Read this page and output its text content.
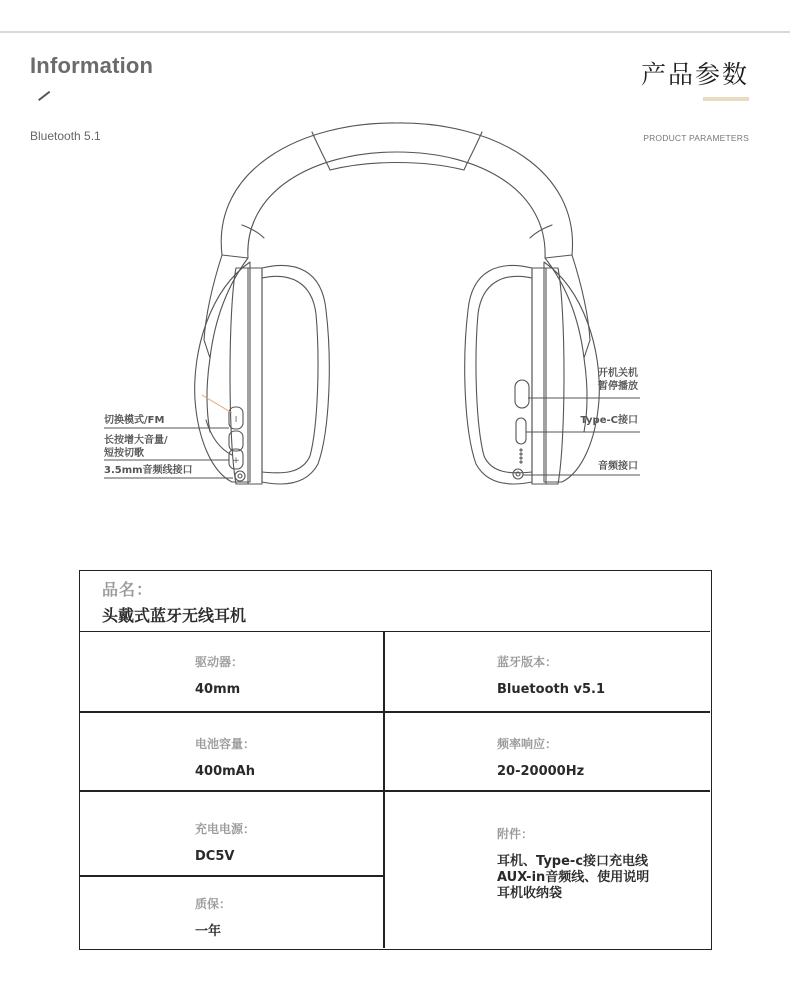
Information
Bluetooth 5.1
产品参数
PRODUCT PARAMETERS
I
+
切换模式/FM
长按增大音量/
短按切歌
3.5mm音频线接口
开机关机
暂停播放
Type-C接口
音频接口
品名：
头戴式蓝牙无线耳机
驱动器：
40mm
蓝牙版本：
Bluetooth v5.1
电池容量：
400mAh
频率响应：
20-20000Hz
充电电源：
DC5V
质保：
一年
附件：
耳机、Type-c接口充电线
AUX-in音频线、使用说明
耳机收纳袋
